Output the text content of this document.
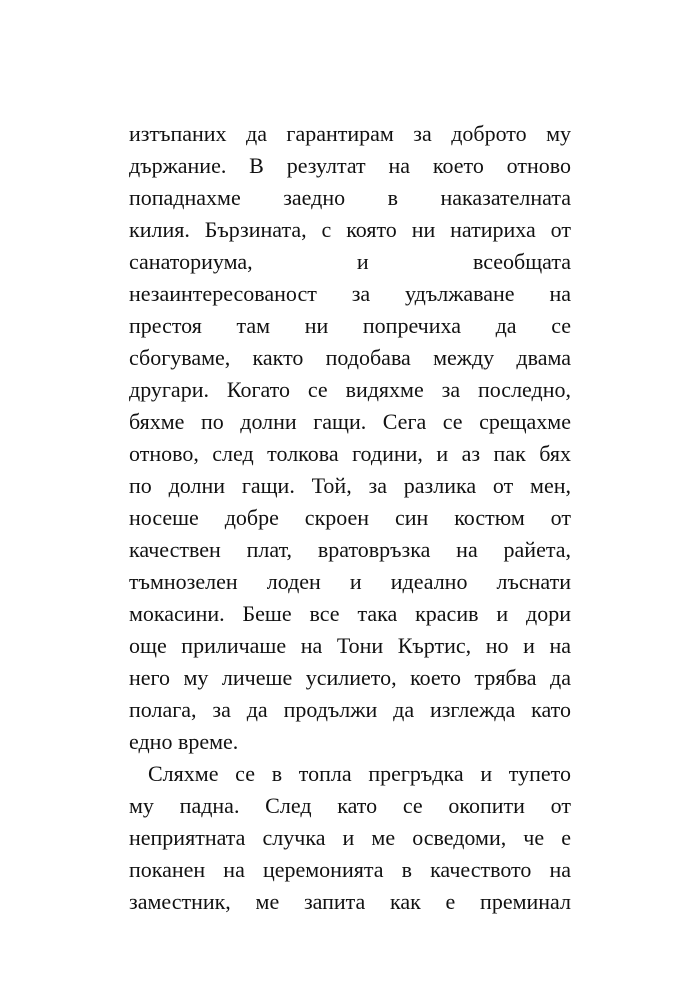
изтъпаних да гарантирам за доброто му
държание. В резултат на което отново
попаднахме заедно в наказателната
килия. Бързината, с която ни натириха от
санаториума, и всеобщата
незаинтересованост за удължаване на
престоя там ни попречиха да се
сбогуваме, както подобава между двама
другари. Когато се видяхме за последно,
бяхме по долни гащи. Сега се срещахме
отново, след толкова години, и аз пак бях
по долни гащи. Той, за разлика от мен,
носеше добре скроен син костюм от
качествен плат, вратовръзка на райета,
тъмнозелен лоден и идеално лъснати
мокасини. Беше все така красив и дори
още приличаше на Тони Къртис, но и на
него му личеше усилието, което трябва да
полага, за да продължи да изглежда като
едно време.
Сляхме се в топла прегръдка и тупето
му падна. След като се окопити от
неприятната случка и ме осведоми, че е
поканен на церемонията в качеството на
заместник, ме запита как е преминал
